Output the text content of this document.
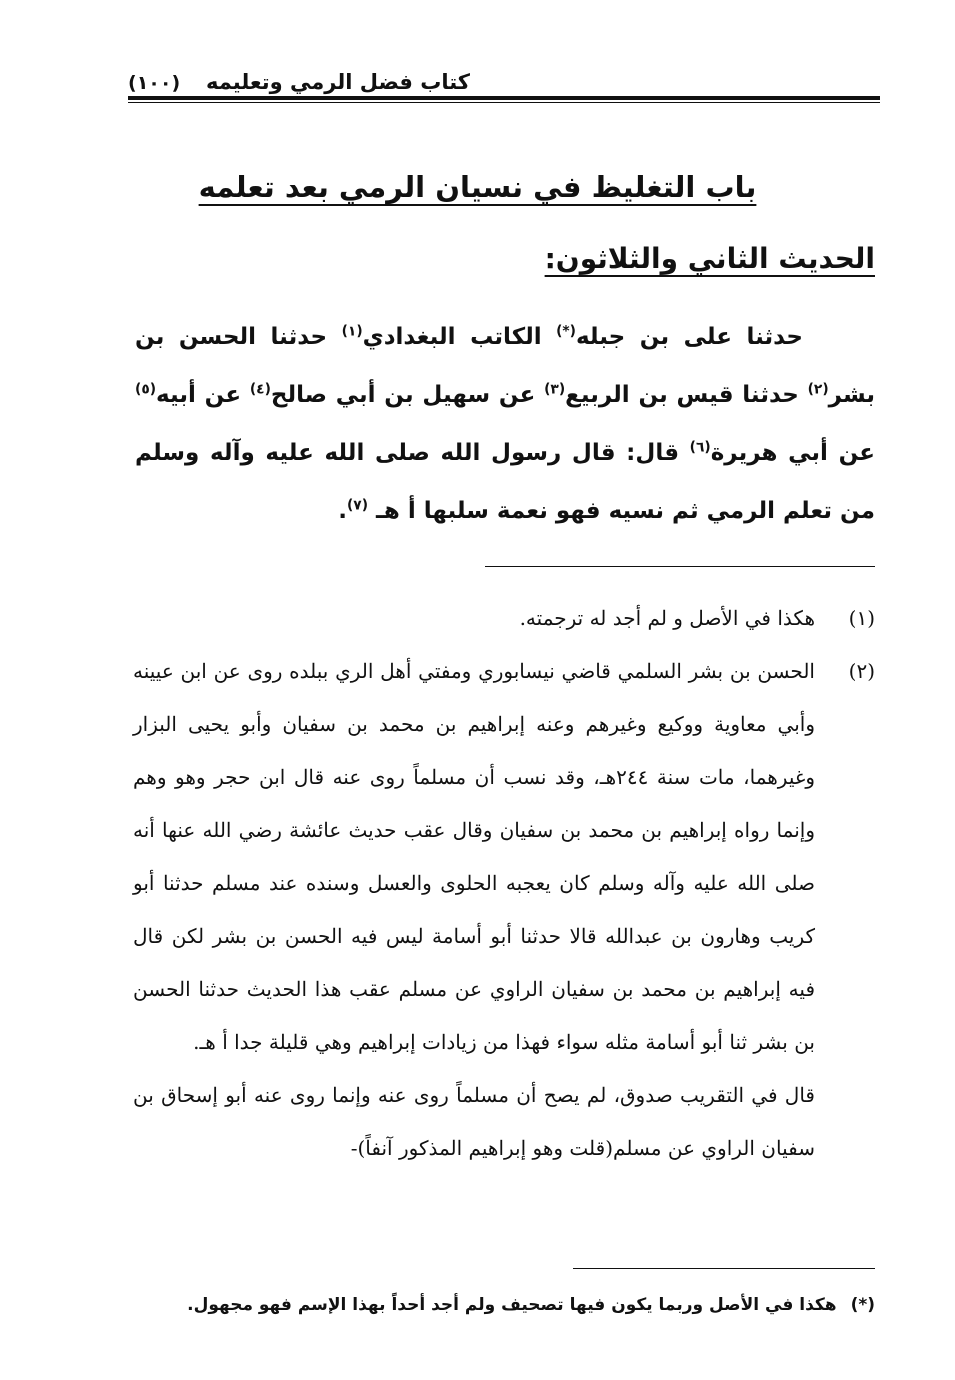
كتاب فضل الرمي وتعليمه
(١٠٠)
باب التغليظ في نسيان الرمي بعد تعلمه
الحديث الثاني والثلاثون:
حدثنا على بن جبله(*) الكاتب البغدادي$^{(١)}$ حدثنا الحسن بن بشر$^{(٢)}$ حدثنا قيس بن الربيع$^{(٣)}$ عن سهيل بن أبي صالح$^{(٤)}$ عن أبيه$^{(٥)}$ عن أبي هريرة$^{(٦)}$ قال: قال رسول الله صلى الله عليه وآله وسلم من تعلم الرمي ثم نسيه فهو نعمة سلبها أ هـ $^{(٧)}$.
(١)
هكذا في الأصل و لم أجد له ترجمته.
(٢)
الحسن بن بشر السلمي قاضي نيسابوري ومفتي أهل الري ببلده روى عن ابن عيينه وأبي معاوية ووكيع وغيرهم وعنه إبراهيم بن محمد بن سفيان وأبو يحيى البزار وغيرهما، مات سنة ٢٤٤هـ، وقد نسب أن مسلماً روى عنه قال ابن حجر وهو وهم وإنما رواه إبراهيم بن محمد بن سفيان وقال عقب حديث عائشة رضي الله عنها أنه صلى الله عليه وآله وسلم كان يعجبه الحلوى والعسل وسنده عند مسلم حدثنا أبو كريب وهارون بن عبدالله قالا حدثنا أبو أسامة ليس فيه الحسن بن بشر لكن قال فيه إبراهيم بن محمد بن سفيان الراوي عن مسلم عقب هذا الحديث حدثنا الحسن بن بشر ثنا أبو أسامة مثله سواء فهذا من زيادات إبراهيم وهي قليلة جدا أ هـ.
قال في التقريب صدوق، لم يصح أن مسلماً روى عنه وإنما روى عنه أبو إسحاق بن سفيان الراوي عن مسلم(قلت وهو إبراهيم المذكور آنفاً)-
(*)هكذا في الأصل وربما يكون فيها تصحيف ولم أجد أحداً بهذا الإسم فهو مجهول.
